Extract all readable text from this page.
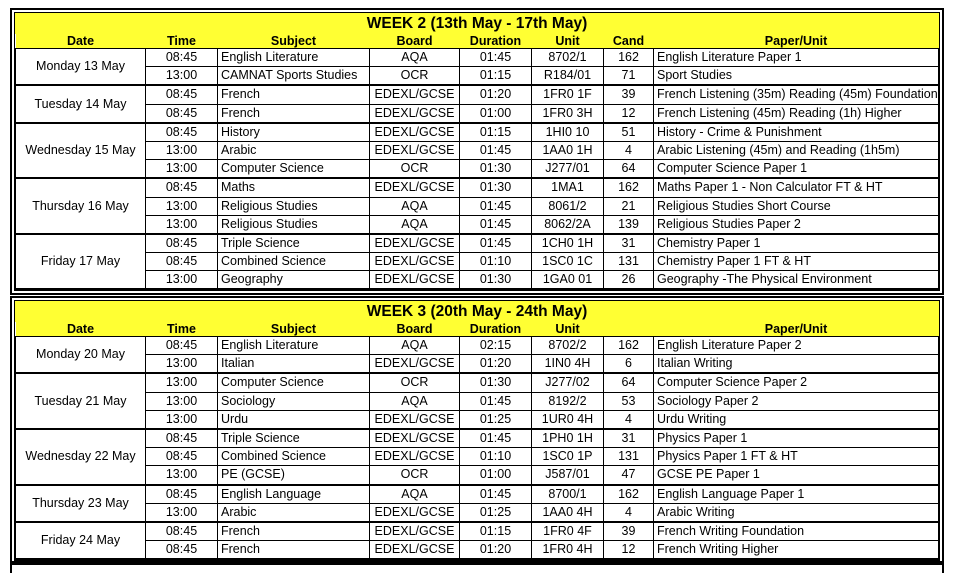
WEEK 2 (13th May - 17th May)
Date	Time	Subject	Board	Duration	Unit	Cand	Paper/Unit
Monday 13 May	08:45	English Literature	AQA	01:45	8702/1	162	English Literature Paper 1
	13:00	CAMNAT Sports Studies	OCR	01:15	R184/01	71	Sport Studies
Tuesday 14 May	08:45	French	EDEXL/GCSE	01:20	1FR0 1F	39	French Listening (35m) Reading (45m) Foundation
	08:45	French	EDEXL/GCSE	01:00	1FR0 3H	12	French Listening (45m) Reading (1h) Higher
Wednesday 15 May	08:45	History	EDEXL/GCSE	01:15	1HI0 10	51	History - Crime & Punishment
	13:00	Arabic	EDEXL/GCSE	01:45	1AA0 1H	4	Arabic Listening (45m) and Reading (1h5m)
	13:00	Computer Science	OCR	01:30	J277/01	64	Computer Science Paper 1
Thursday 16 May	08:45	Maths	EDEXL/GCSE	01:30	1MA1	162	Maths Paper 1 - Non Calculator FT & HT
	13:00	Religious Studies	AQA	01:45	8061/2	21	Religious Studies Short Course
	13:00	Religious Studies	AQA	01:45	8062/2A	139	Religious Studies Paper 2
Friday 17 May	08:45	Triple Science	EDEXL/GCSE	01:45	1CH0 1H	31	Chemistry Paper 1
	08:45	Combined Science	EDEXL/GCSE	01:10	1SC0 1C	131	Chemistry Paper 1 FT & HT
	13:00	Geography	EDEXL/GCSE	01:30	1GA0 01	26	Geography -The Physical Environment
WEEK 3 (20th May - 24th May)
Date	Time	Subject	Board	Duration	Unit		Paper/Unit
Monday 20 May	08:45	English Literature	AQA	02:15	8702/2	162	English Literature Paper 2
	13:00	Italian	EDEXL/GCSE	01:20	1IN0 4H	6	Italian Writing
Tuesday 21 May	13:00	Computer Science	OCR	01:30	J277/02	64	Computer Science Paper 2
	13:00	Sociology	AQA	01:45	8192/2	53	Sociology Paper 2
	13:00	Urdu	EDEXL/GCSE	01:25	1UR0 4H	4	Urdu Writing
Wednesday 22 May	08:45	Triple Science	EDEXL/GCSE	01:45	1PH0 1H	31	Physics Paper 1
	08:45	Combined Science	EDEXL/GCSE	01:10	1SC0 1P	131	Physics Paper 1 FT & HT
	13:00	PE (GCSE)	OCR	01:00	J587/01	47	GCSE PE Paper 1
Thursday 23 May	08:45	English Language	AQA	01:45	8700/1	162	English Language Paper 1
	13:00	Arabic	EDEXL/GCSE	01:25	1AA0 4H	4	Arabic Writing
Friday 24 May	08:45	French	EDEXL/GCSE	01:15	1FR0 4F	39	French Writing Foundation
	08:45	French	EDEXL/GCSE	01:20	1FR0 4H	12	French Writing Higher
